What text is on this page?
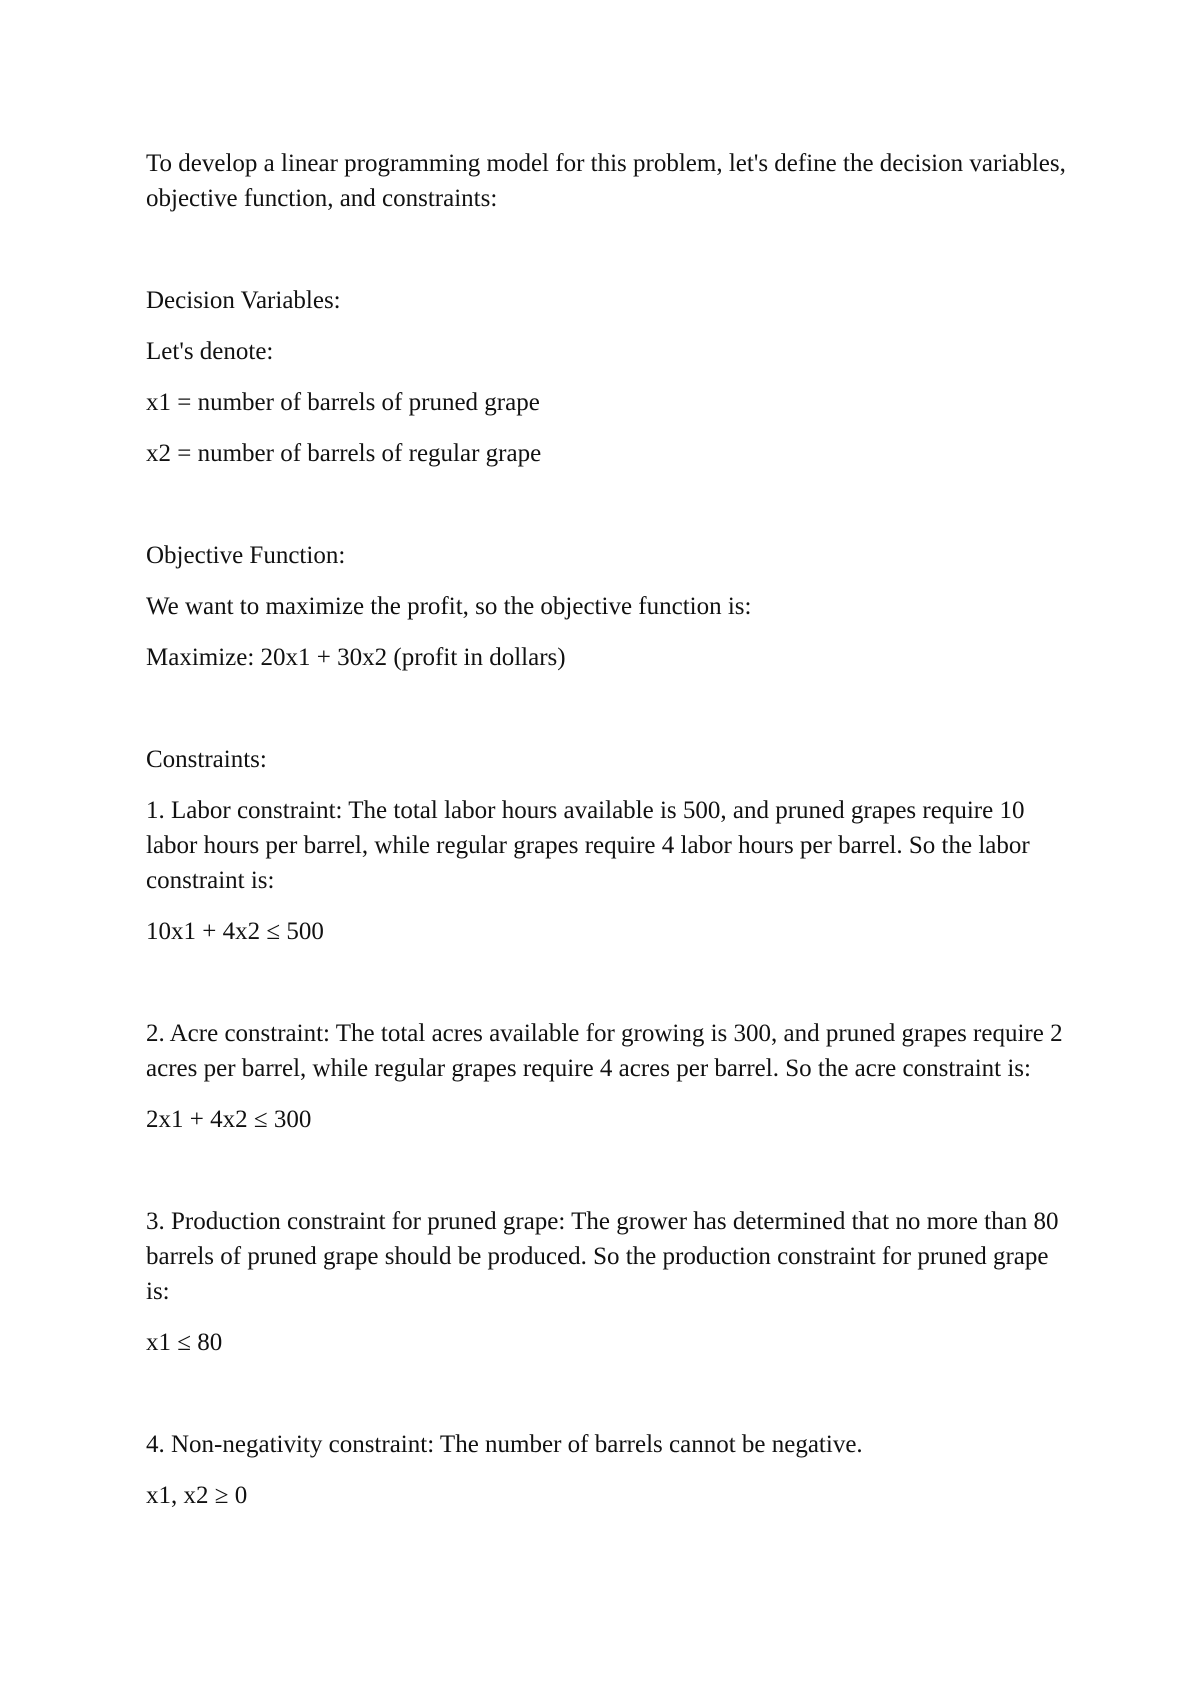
To develop a linear programming model for this problem, let's define the decision variables, objective function, and constraints:

Decision Variables:

Let's denote:

x1 = number of barrels of pruned grape

x2 = number of barrels of regular grape

Objective Function:

We want to maximize the profit, so the objective function is:

Maximize: 20x1 + 30x2 (profit in dollars)

Constraints:

1. Labor constraint: The total labor hours available is 500, and pruned grapes require 10 labor hours per barrel, while regular grapes require 4 labor hours per barrel. So the labor constraint is:

10x1 + 4x2 ≤ 500

2. Acre constraint: The total acres available for growing is 300, and pruned grapes require 2 acres per barrel, while regular grapes require 4 acres per barrel. So the acre constraint is:

2x1 + 4x2 ≤ 300

3. Production constraint for pruned grape: The grower has determined that no more than 80 barrels of pruned grape should be produced. So the production constraint for pruned grape is:

x1 ≤ 80

4. Non-negativity constraint: The number of barrels cannot be negative.

x1, x2 ≥ 0
